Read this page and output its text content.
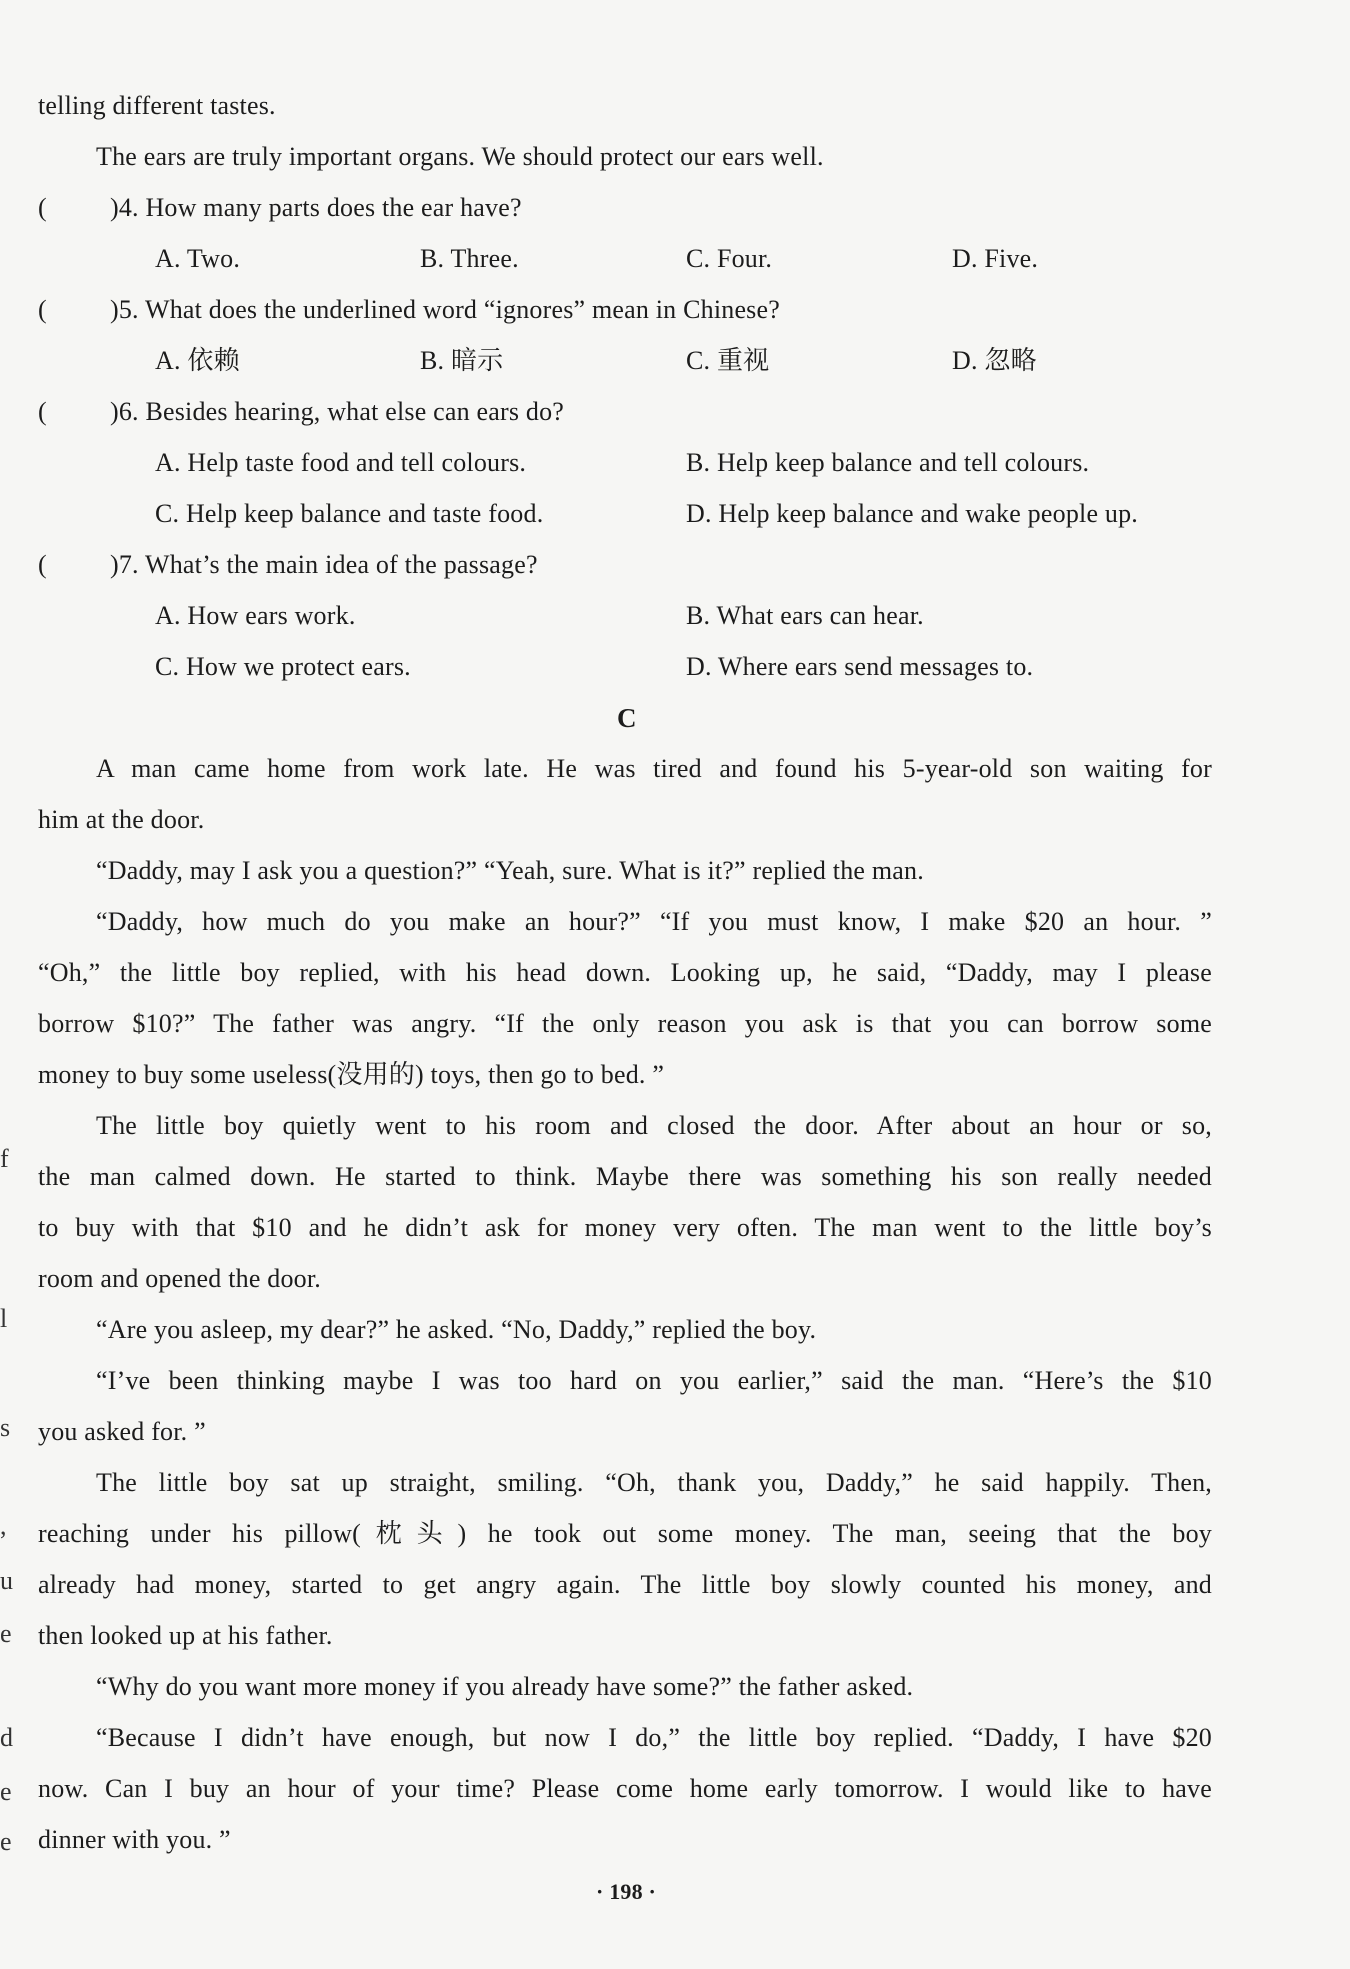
telling different tastes.
The ears are truly important organs. We should protect our ears well.
( )4. How many parts does the ear have?
A. Two.	B. Three.	C. Four.	D. Five.
( )5. What does the underlined word “ignores” mean in Chinese?
A. 依赖	B. 暗示	C. 重视	D. 忽略
( )6. Besides hearing, what else can ears do?
A. Help taste food and tell colours.	B. Help keep balance and tell colours.
C. Help keep balance and taste food.	D. Help keep balance and wake people up.
( )7. What’s the main idea of the passage?
A. How ears work.	B. What ears can hear.
C. How we protect ears.	D. Where ears send messages to.
C
A man came home from work late. He was tired and found his 5-year-old son waiting for
him at the door.
“Daddy, may I ask you a question?” “Yeah, sure. What is it?” replied the man.
“Daddy, how much do you make an hour?” “If you must know, I make $20 an hour. ”
“Oh,” the little boy replied, with his head down. Looking up, he said, “Daddy, may I please
borrow $10?” The father was angry. “If the only reason you ask is that you can borrow some
money to buy some useless(没用的) toys, then go to bed. ”
The little boy quietly went to his room and closed the door. After about an hour or so,
the man calmed down. He started to think. Maybe there was something his son really needed
to buy with that $10 and he didn’t ask for money very often. The man went to the little boy’s
room and opened the door.
“Are you asleep, my dear?” he asked. “No, Daddy,” replied the boy.
“I’ve been thinking maybe I was too hard on you earlier,” said the man. “Here’s the $10
you asked for. ”
The little boy sat up straight, smiling. “Oh, thank you, Daddy,” he said happily. Then,
reaching under his pillow(枕头) he took out some money. The man, seeing that the boy
already had money, started to get angry again. The little boy slowly counted his money, and
then looked up at his father.
“Why do you want more money if you already have some?” the father asked.
“Because I didn’t have enough, but now I do,” the little boy replied. “Daddy, I have $20
now. Can I buy an hour of your time? Please come home early tomorrow. I would like to have
dinner with you. ”
· 198 ·
f
l
s
,
u
e
d
e
e
